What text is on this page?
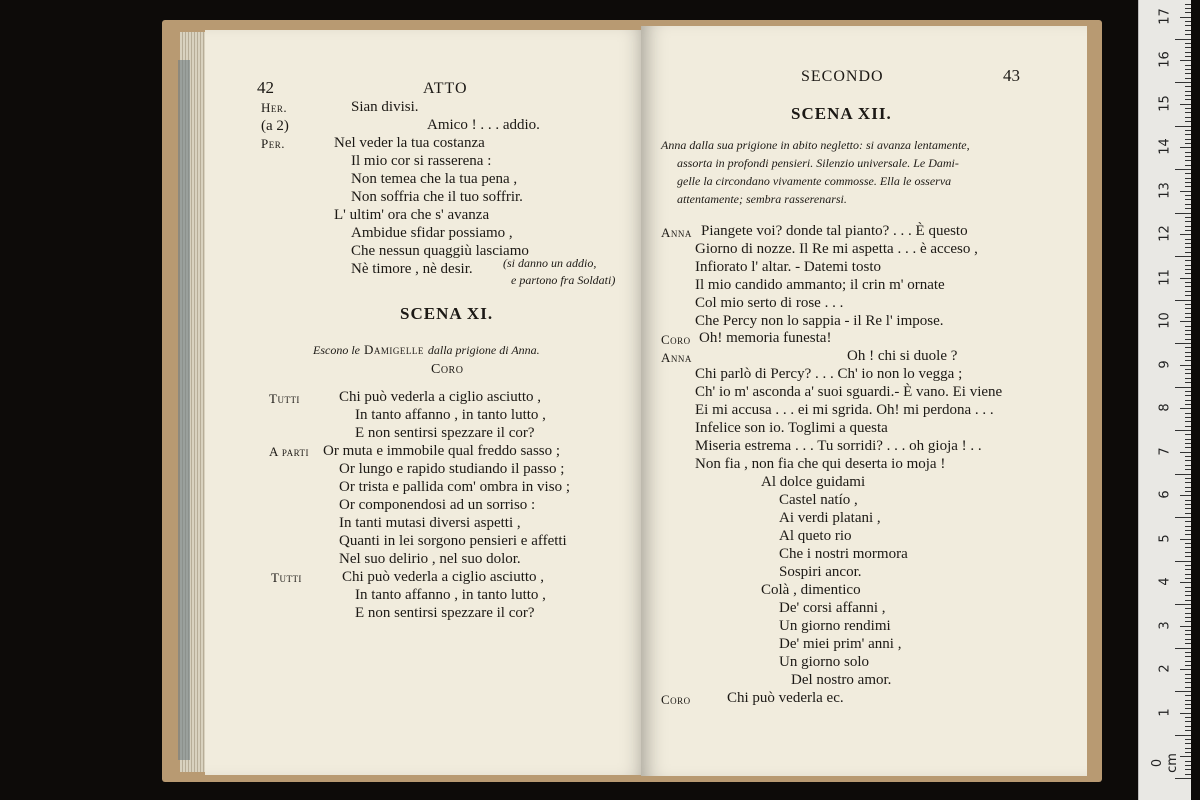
42	ATTO
Her.	Sian divisi.
(a 2)	Amico ! . . . addio.
Per.	Nel veder la tua costanza
Il mio cor si rasserena :
Non temea che la tua pena ,
Non soffria che il tuo soffrir.
L' ultim' ora che s' avanza
Ambidue sfidar possiamo ,
Che nessun quaggiù lasciamo
Nè timore , nè desir.	(si danno un addio,
e partono fra Soldati)
SCENA XI.
Escono le Damigelle dalla prigione di Anna.
Coro
Tutti	Chi può vederla a ciglio asciutto ,
In tanto affanno , in tanto lutto ,
E non sentirsi spezzare il cor?
A parti Or muta e immobile qual freddo sasso ;
Or lungo e rapido studiando il passo ;
Or trista e pallida com' ombra in viso ;
Or componendosi ad un sorriso :
In tanti mutasi diversi aspetti ,
Quanti in lei sorgono pensieri e affetti
Nel suo delirio , nel suo dolor.
Tutti	Chi può vederla a ciglio asciutto ,
In tanto affanno , in tanto lutto ,
E non sentirsi spezzare il cor?
SECONDO	43
SCENA XII.
Anna dalla sua prigione in abito negletto: si avanza lentamente,
assorta in profondi pensieri. Silenzio universale. Le Dami-
gelle la circondano vivamente commosse. Ella le osserva
attentamente; sembra rasserenarsi.
Anna Piangete voi? donde tal pianto? . . . È questo
Giorno di nozze. Il Re mi aspetta . . . è acceso ,
Infiorato l' altar. - Datemi tosto
Il mio candido ammanto; il crin m' ornate
Col mio serto di rose . . .
Che Percy non lo sappia - il Re l' impose.
Coro Oh! memoria funesta!
Anna	Oh ! chi si duole ?
Chi parlò di Percy? . . . Ch' io non lo vegga ;
Ch' io m' asconda a' suoi sguardi.- È vano. Ei viene
Ei mi accusa . . . ei mi sgrida. Oh! mi perdona . . .
Infelice son io. Toglimi a questa
Miseria estrema . . . Tu sorridi? . . . oh gioja ! . .
Non fia , non fia che qui deserta io moja !
Al dolce guidami
Castel natío ,
Ai verdi platani ,
Al queto rio
Che i nostri mormora
Sospiri ancor.
Colà , dimentico
De' corsi affanni ,
Un giorno rendimi
De' miei prim' anni ,
Un giorno solo
Del nostro amor.
Coro Chi può vederla ec.
0 cm
1
2
3
4
5
6
7
8
9
10
11
12
13
14
15
16
17
